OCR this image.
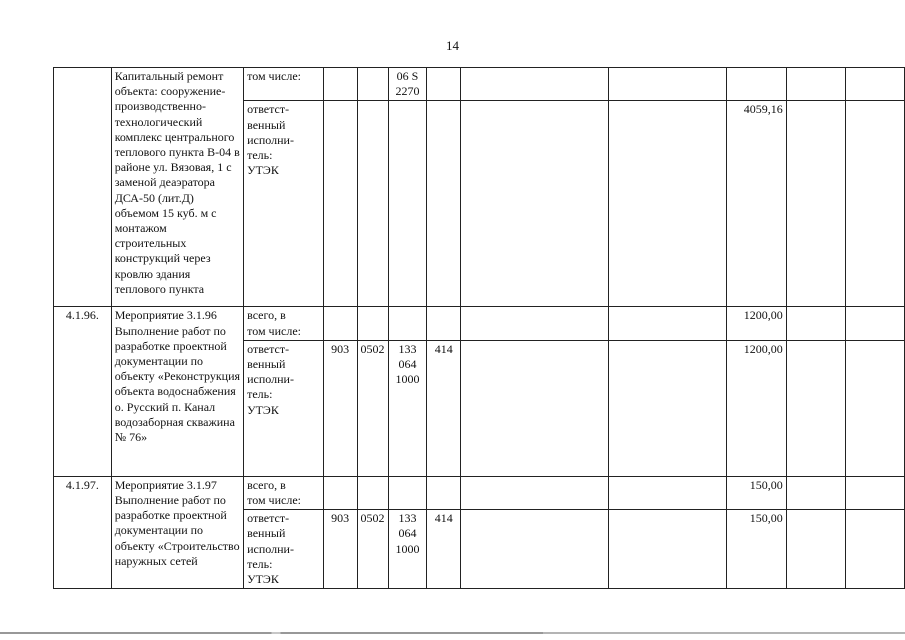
14
	Капитальный ремонт объекта: сооружение-производственно-технологический комплекс центрального теплового пункта В-04 в районе ул. Вязовая, 1 с заменой деаэратора ДСА-50 (лит.Д) объемом 15 куб. м с монтажом строительных конструкций через кровлю здания теплового пункта	том числе:			06 S
2270						
		ответст-
венный
исполни-
тель:
УТЭК							4059,16		
4.1.96.	Мероприятие 3.1.96
Выполнение работ по разработке проектной документации по объекту «Реконструкция объекта водоснабжения
о. Русский п. Канал водозаборная скважина № 76»	всего, в
том числе:							1200,00		
		ответст-
венный
исполни-
тель:
УТЭК	903	0502	133
064
1000	414			1200,00		
4.1.97.	Мероприятие 3.1.97
Выполнение работ по разработке проектной документации по объекту «Строительство наружных сетей	всего, в
том числе:							150,00		
		ответст-
венный
исполни-
тель:
УТЭК	903	0502	133
064
1000	414			150,00		
